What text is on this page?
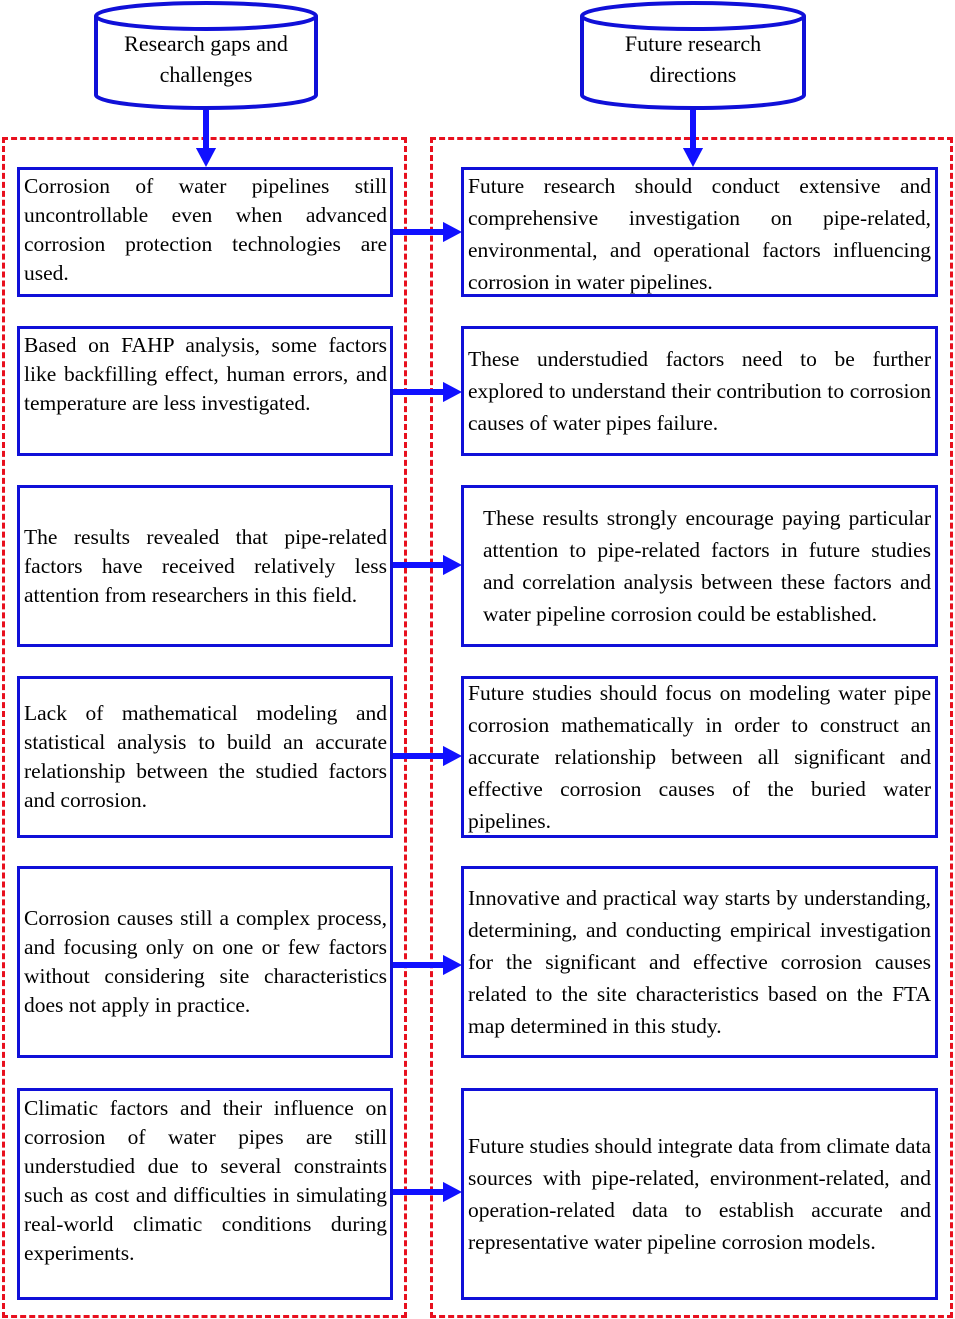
Research gaps and challenges
Future research directions
Corrosion of water pipelines still uncontrollable even when advanced corrosion protection technologies are used.
Based on FAHP analysis, some factors like backfilling effect, human errors, and temperature are less investigated.
The results revealed that pipe-related factors have received relatively less attention from researchers in this field.
Lack of mathematical modeling and statistical analysis to build an accurate relationship between the studied factors and corrosion.
Corrosion causes still a complex process, and focusing only on one or few factors without considering site characteristics does not apply in practice.
Climatic factors and their influence on corrosion of water pipes are still understudied due to several constraints such as cost and difficulties in simulating real-world climatic conditions during experiments.
Future research should conduct extensive and comprehensive investigation on pipe-related, environmental, and operational factors influencing corrosion in water pipelines.
These understudied factors need to be further explored to understand their contribution to corrosion causes of water pipes failure.
These results strongly encourage paying particular attention to pipe-related factors in future studies and correlation analysis between these factors and water pipeline corrosion could be established.
Future studies should focus on modeling water pipe corrosion mathematically in order to construct an accurate relationship between all significant and effective corrosion causes of the buried water pipelines.
Innovative and practical way starts by understanding, determining, and conducting empirical investigation for the significant and effective corrosion causes related to the site characteristics based on the FTA map determined in this study.
Future studies should integrate data from climate data sources with pipe-related, environment-related, and operation-related data to establish accurate and representative water pipeline corrosion models.
